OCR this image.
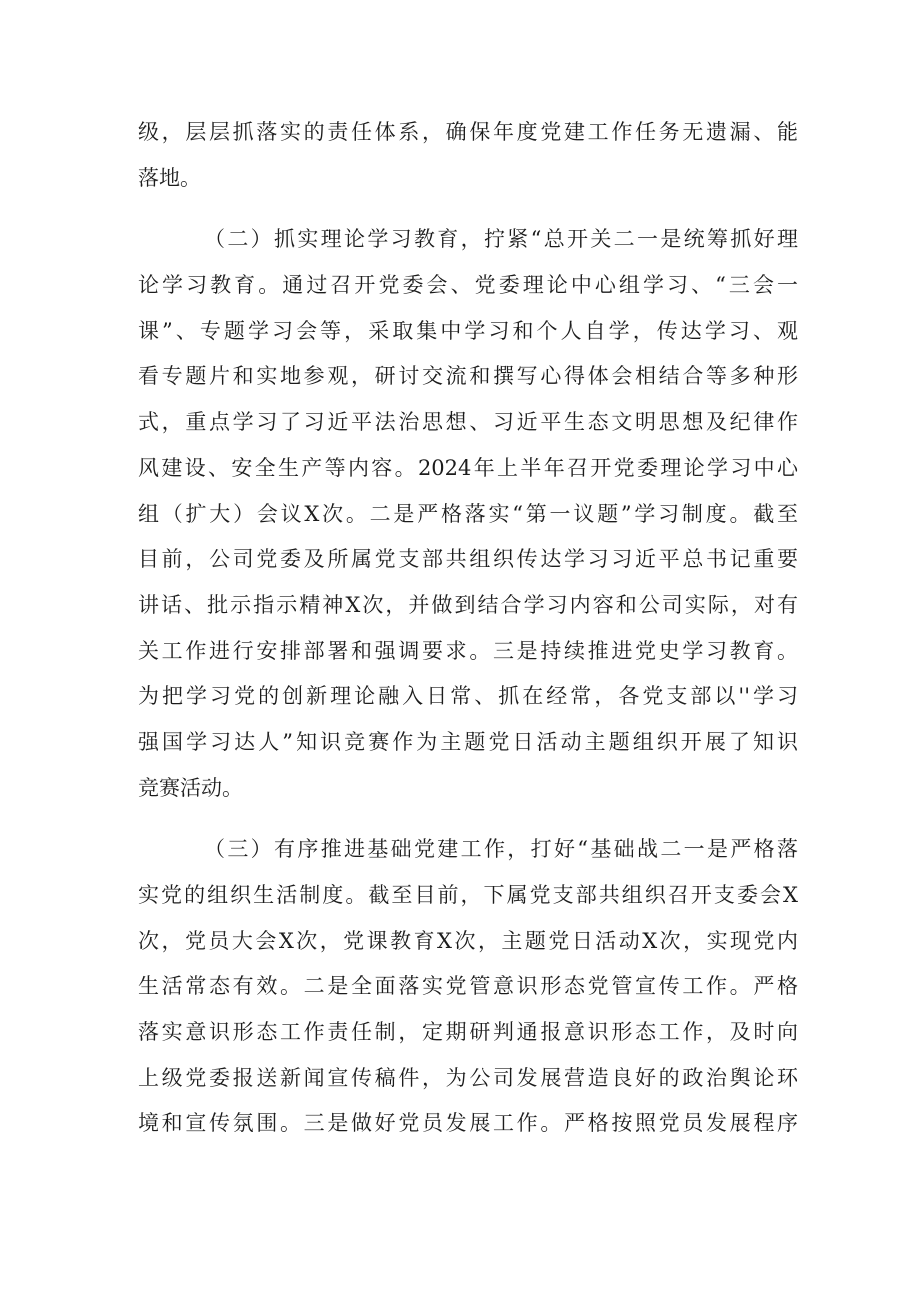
级，层层抓落实的责任体系，确保年度党建工作任务无遗漏、能
落地。
（二）抓实理论学习教育，拧紧“总开关二一是统筹抓好理
论学习教育。通过召开党委会、党委理论中心组学习、“三会一
课”、专题学习会等，采取集中学习和个人自学，传达学习、观
看专题片和实地参观，研讨交流和撰写心得体会相结合等多种形
式，重点学习了习近平法治思想、习近平生态文明思想及纪律作
风建设、安全生产等内容。2024年上半年召开党委理论学习中心
组（扩大）会议X次。二是严格落实“第一议题”学习制度。截至
目前，公司党委及所属党支部共组织传达学习习近平总书记重要
讲话、批示指示精神X次，并做到结合学习内容和公司实际，对有
关工作进行安排部署和强调要求。三是持续推进党史学习教育。
为把学习党的创新理论融入日常、抓在经常，各党支部以''学习
强国学习达人”知识竞赛作为主题党日活动主题组织开展了知识
竞赛活动。
（三）有序推进基础党建工作，打好“基础战二一是严格落
实党的组织生活制度。截至目前，下属党支部共组织召开支委会X
次，党员大会X次，党课教育X次，主题党日活动X次，实现党内
生活常态有效。二是全面落实党管意识形态党管宣传工作。严格
落实意识形态工作责任制，定期研判通报意识形态工作，及时向
上级党委报送新闻宣传稿件，为公司发展营造良好的政治舆论环
境和宣传氛围。三是做好党员发展工作。严格按照党员发展程序
